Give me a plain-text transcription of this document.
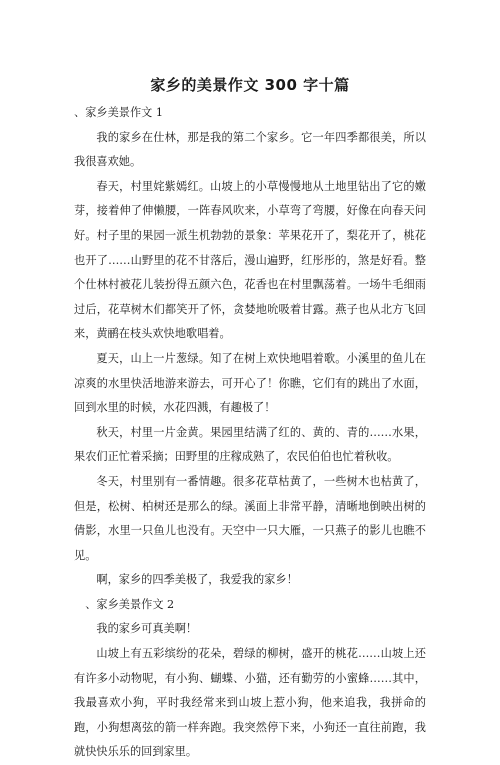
家乡的美景作文 300 字十篇

、家乡美景作文 1

我的家乡在仕林，那是我的第二个家乡。它一年四季都很美，所以我很喜欢她。

春天，村里姹紫嫣红。山坡上的小草慢慢地从土地里钻出了它的嫩芽，接着伸了伸懒腰，一阵春风吹来，小草弯了弯腰，好像在向春天问好。村子里的果园一派生机勃勃的景象：苹果花开了，梨花开了，桃花也开了……山野里的花不甘落后，漫山遍野，红彤彤的，煞是好看。整个仕林村被花儿装扮得五颜六色，花香也在村里飘荡着。一场牛毛细雨过后，花草树木们都笑开了怀，贪婪地吮吸着甘露。燕子也从北方飞回来，黄鹂在枝头欢快地歌唱着。

夏天，山上一片葱绿。知了在树上欢快地唱着歌。小溪里的鱼儿在凉爽的水里快活地游来游去，可开心了！你瞧，它们有的跳出了水面，回到水里的时候，水花四溅，有趣极了！

秋天，村里一片金黄。果园里结满了红的、黄的、青的……水果，果农们正忙着采摘；田野里的庄稼成熟了，农民伯伯也忙着秋收。

冬天，村里别有一番情趣。很多花草枯黄了，一些树木也枯黄了，但是，松树、柏树还是那么的绿。溪面上非常平静，清晰地倒映出树的倩影，水里一只鱼儿也没有。天空中一只大雁，一只燕子的影儿也瞧不见。

啊，家乡的四季美极了，我爱我的家乡！

、家乡美景作文 2

我的家乡可真美啊！

山坡上有五彩缤纷的花朵，碧绿的柳树，盛开的桃花……山坡上还有许多小动物呢，有小狗、蝴蝶、小猫，还有勤劳的小蜜蜂……其中，我最喜欢小狗，平时我经常来到山坡上惹小狗，他来追我，我拼命的跑，小狗想离弦的箭一样奔跑。我突然停下来，小狗还一直往前跑，我就快快乐乐的回到家里。
